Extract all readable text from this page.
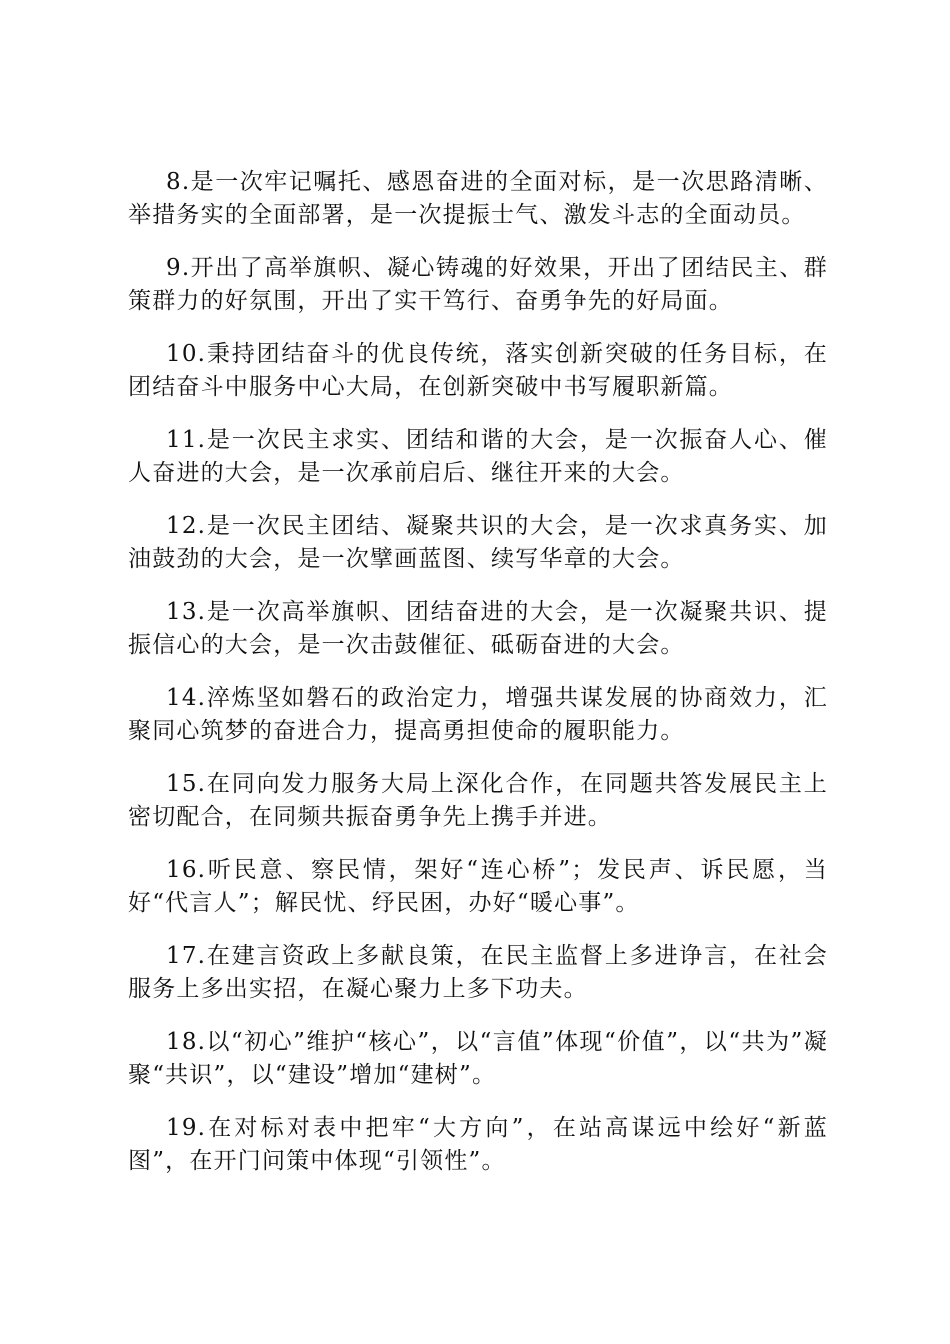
8.是一次牢记嘱托、感恩奋进的全面对标，是一次思路清晰、举措务实的全面部署，是一次提振士气、激发斗志的全面动员。

9.开出了高举旗帜、凝心铸魂的好效果，开出了团结民主、群策群力的好氛围，开出了实干笃行、奋勇争先的好局面。

10.秉持团结奋斗的优良传统，落实创新突破的任务目标，在团结奋斗中服务中心大局，在创新突破中书写履职新篇。

11.是一次民主求实、团结和谐的大会，是一次振奋人心、催人奋进的大会，是一次承前启后、继往开来的大会。

12.是一次民主团结、凝聚共识的大会，是一次求真务实、加油鼓劲的大会，是一次擘画蓝图、续写华章的大会。

13.是一次高举旗帜、团结奋进的大会，是一次凝聚共识、提振信心的大会，是一次击鼓催征、砥砺奋进的大会。

14.淬炼坚如磐石的政治定力，增强共谋发展的协商效力，汇聚同心筑梦的奋进合力，提高勇担使命的履职能力。

15.在同向发力服务大局上深化合作，在同题共答发展民主上密切配合，在同频共振奋勇争先上携手并进。

16.听民意、察民情，架好“连心桥”；发民声、诉民愿，当好“代言人”；解民忧、纾民困，办好“暖心事”。

17.在建言资政上多献良策，在民主监督上多进诤言，在社会服务上多出实招，在凝心聚力上多下功夫。

18.以“初心”维护“核心”，以“言值”体现“价值”，以“共为”凝聚“共识”，以“建设”增加“建树”。

19.在对标对表中把牢“大方向”，在站高谋远中绘好“新蓝图”，在开门问策中体现“引领性”。
